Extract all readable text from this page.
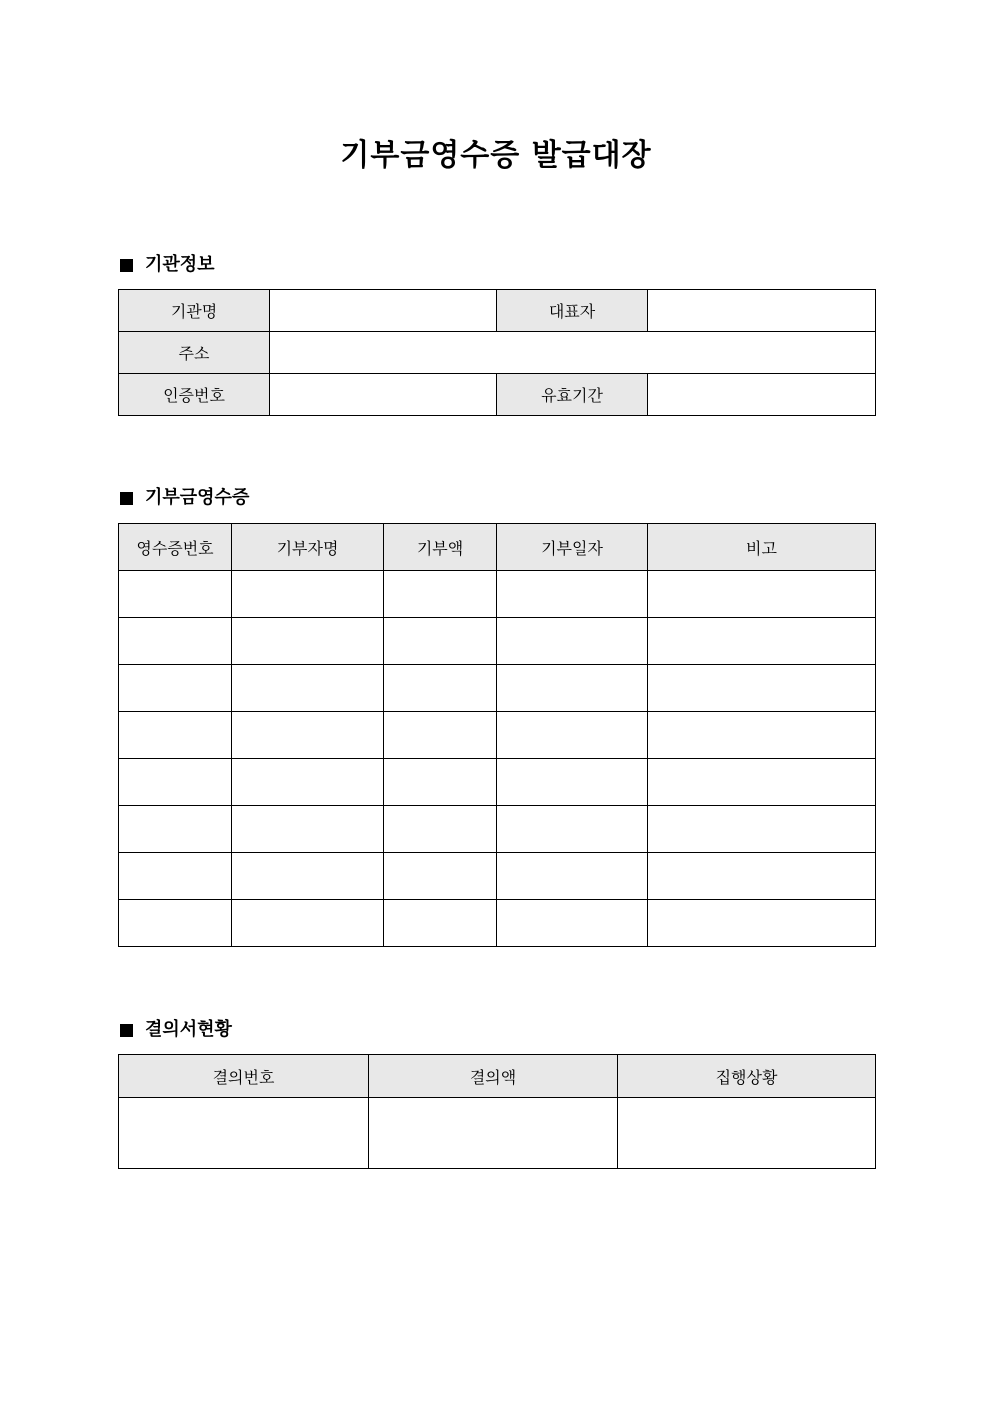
기부금영수증 발급대장
기관정보
기관명		대표자	
주소			
인증번호		유효기간	
기부금영수증
영수증번호	기부자명	기부액	기부일자	비고

결의서현황
결의번호	결의액	집행상황
